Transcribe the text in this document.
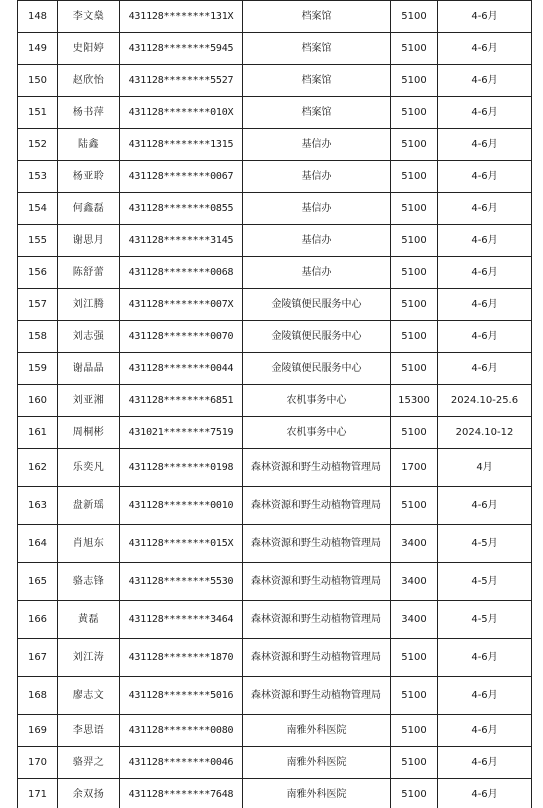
148	李文燊	431128********131X	档案馆	5100	4-6月
149	史阳婷	431128********5945	档案馆	5100	4-6月
150	赵欣怡	431128********5527	档案馆	5100	4-6月
151	杨书萍	431128********010X	档案馆	5100	4-6月
152	陆鑫	431128********1315	基信办	5100	4-6月
153	杨亚聆	431128********0067	基信办	5100	4-6月
154	何鑫磊	431128********0855	基信办	5100	4-6月
155	谢思月	431128********3145	基信办	5100	4-6月
156	陈舒蕾	431128********0068	基信办	5100	4-6月
157	刘江腾	431128********007X	金陵镇便民服务中心	5100	4-6月
158	刘志强	431128********0070	金陵镇便民服务中心	5100	4-6月
159	谢晶晶	431128********0044	金陵镇便民服务中心	5100	4-6月
160	刘亚湘	431128********6851	农机事务中心	15300	2024.10-25.6
161	周桐彬	431021********7519	农机事务中心	5100	2024.10-12
162	乐奕凡	431128********0198	森林资源和野生动植物管理局	1700	4月
163	盘新瑶	431128********0010	森林资源和野生动植物管理局	5100	4-6月
164	肖旭东	431128********015X	森林资源和野生动植物管理局	3400	4-5月
165	骆志锋	431128********5530	森林资源和野生动植物管理局	3400	4-5月
166	黄磊	431128********3464	森林资源和野生动植物管理局	3400	4-5月
167	刘江涛	431128********1870	森林资源和野生动植物管理局	5100	4-6月
168	廖志文	431128********5016	森林资源和野生动植物管理局	5100	4-6月
169	李思语	431128********0080	南雅外科医院	5100	4-6月
170	骆羿之	431128********0046	南雅外科医院	5100	4-6月
171	余双扬	431128********7648	南雅外科医院	5100	4-6月
